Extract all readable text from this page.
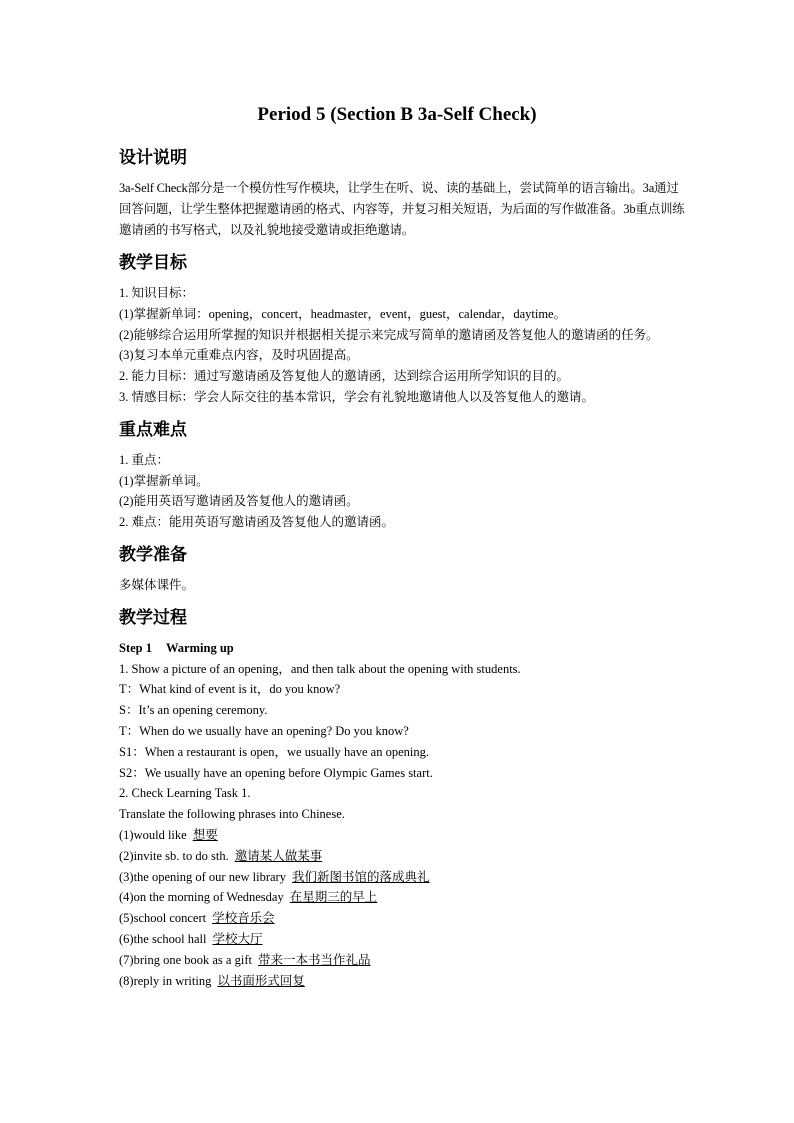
Period 5 (Section B 3a-Self Check)
设计说明

3a-Self Check部分是一个模仿性写作模块，让学生在听、说、读的基础上，尝试简单的语言输出。3a通过回答问题，让学生整体把握邀请函的格式、内容等，并复习相关短语，为后面的写作做准备。3b重点训练邀请函的书写格式，以及礼貌地接受邀请或拒绝邀请。

教学目标

1. 知识目标：

(1)掌握新单词：opening，concert，headmaster，event，guest，calendar，daytime。

(2)能够综合运用所掌握的知识并根据相关提示来完成写简单的邀请函及答复他人的邀请函的任务。

(3)复习本单元重难点内容，及时巩固提高。

2. 能力目标：通过写邀请函及答复他人的邀请函，达到综合运用所学知识的目的。

3. 情感目标：学会人际交往的基本常识，学会有礼貌地邀请他人以及答复他人的邀请。

重点难点

1. 重点：

(1)掌握新单词。

(2)能用英语写邀请函及答复他人的邀请函。

2. 难点：能用英语写邀请函及答复他人的邀请函。

教学准备

多媒体课件。

教学过程

Step 1 Warming up

1. Show a picture of an opening，and then talk about the opening with students.

T：What kind of event is it，do you know?

S：It’s an opening ceremony.

T：When do we usually have an opening? Do you know?

S1：When a restaurant is open，we usually have an opening.

S2：We usually have an opening before Olympic Games start.

2. Check Learning Task 1.

Translate the following phrases into Chinese.

(1)would like 想要

(2)invite sb. to do sth. 邀请某人做某事

(3)the opening of our new library 我们新图书馆的落成典礼

(4)on the morning of Wednesday 在星期三的早上

(5)school concert 学校音乐会

(6)the school hall 学校大厅

(7)bring one book as a gift 带来一本书当作礼品

(8)reply in writing 以书面形式回复
